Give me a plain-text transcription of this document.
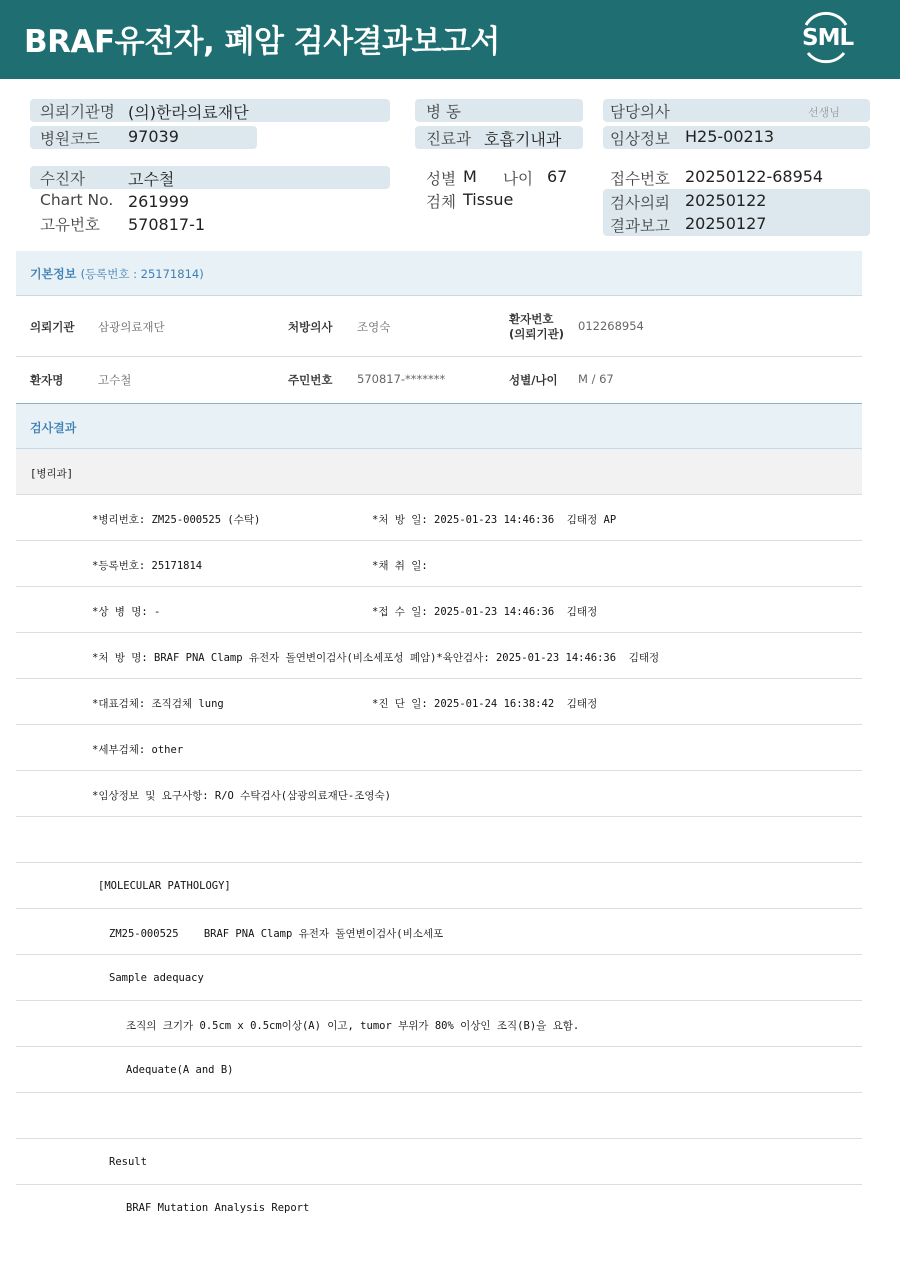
BRAF유전자, 폐암 검사결과보고서	SML
의뢰기관명 (의)한라의료재단
병원코드 97039
병 동
진료과 호흡기내과
담당의사	선생님
임상정보 H25-00213
수진자	고수철
Chart No. 261999
고유번호 570817-1
성별 M 나이 67
검체 Tissue
접수번호 20250122-68954
검사의뢰 20250122
결과보고 20250127
기본정보 (등록번호 : 25171814)
의뢰기관 삼광의료재단	처방의사 조영숙
환자번호
(의뢰기관)
012268954
환자명	고수철	주민번호 570817-*******	성별/나이 M / 67
검사결과
[병리과]
*병리번호: ZM25-000525 (수탁)	*처 방 일: 2025-01-23 14:46:36  김태정 AP
*등록번호: 25171814	*채 취 일:
*상 병 명: -	*접 수 일: 2025-01-23 14:46:36  김태정
*처 방 명: BRAF PNA Clamp 유전자 돌연변이검사(비소세포성 폐암)*육안검사: 2025-01-23 14:46:36  김태정
*대표검체: 조직검체 lung	*진 단 일: 2025-01-24 16:38:42  김태정
*세부검체: other
*임상정보 및 요구사항: R/O 수탁검사(삼광의료재단-조영숙)
[MOLECULAR PATHOLOGY]
ZM25-000525    BRAF PNA Clamp 유전자 돌연변이검사(비소세포
Sample adequacy
조직의 크기가 0.5cm x 0.5cm이상(A) 이고, tumor 부위가 80% 이상인 조직(B)을 요함.
Adequate(A and B)
Result
BRAF Mutation Analysis Report
